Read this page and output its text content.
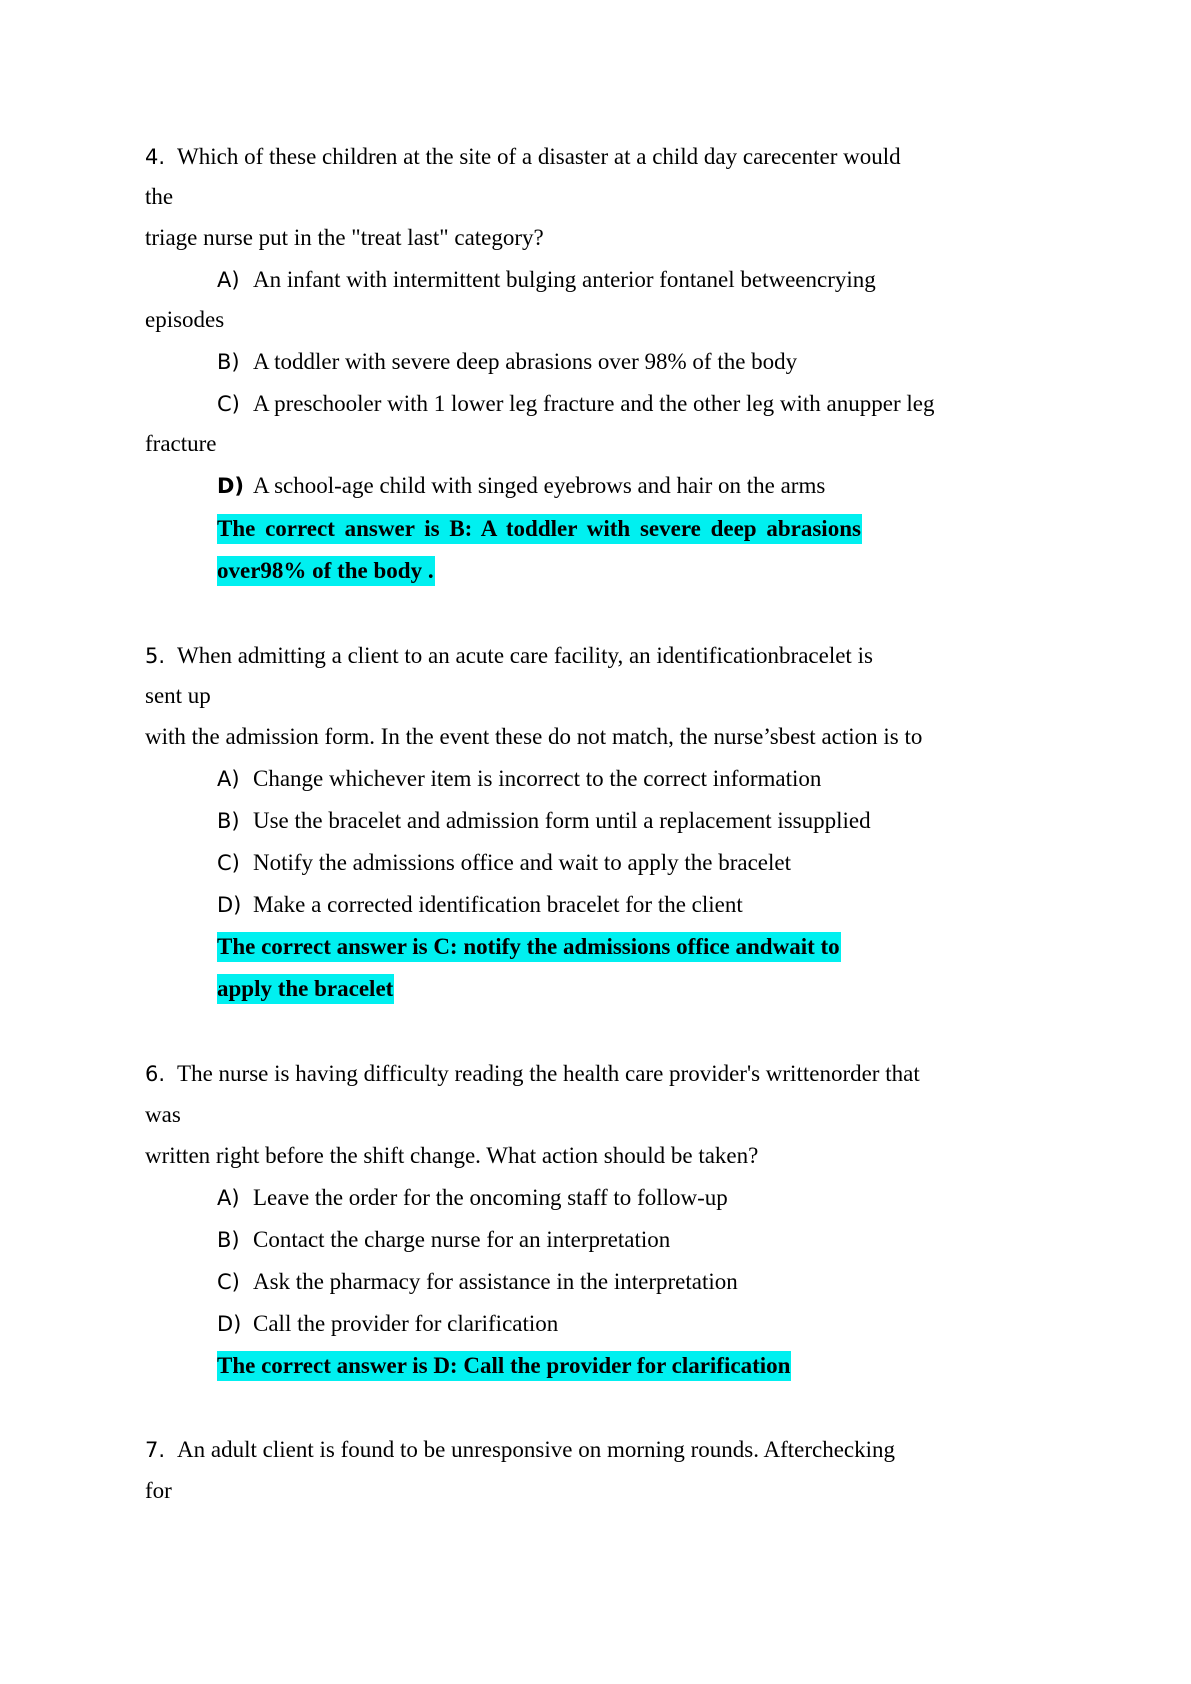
4. Which of these children at the site of a disaster at a child day carecenter would
the
triage nurse put in the "treat last" category?
A) An infant with intermittent bulging anterior fontanel betweencrying
episodes
B) A toddler with severe deep abrasions over 98% of the body
C) A preschooler with 1 lower leg fracture and the other leg with anupper leg
fracture
D) A school-age child with singed eyebrows and hair on the arms
The correct answer is B: A toddler with severe deep abrasions
over98% of the body .
5. When admitting a client to an acute care facility, an identificationbracelet is
sent up
with the admission form. In the event these do not match, the nurse’sbest action is to
A) Change whichever item is incorrect to the correct information
B) Use the bracelet and admission form until a replacement issupplied
C) Notify the admissions office and wait to apply the bracelet
D) Make a corrected identification bracelet for the client
The correct answer is C: notify the admissions office andwait to
apply the bracelet
6. The nurse is having difficulty reading the health care provider's writtenorder that
was
written right before the shift change. What action should be taken?
A) Leave the order for the oncoming staff to follow-up
B) Contact the charge nurse for an interpretation
C) Ask the pharmacy for assistance in the interpretation
D) Call the provider for clarification
The correct answer is D: Call the provider for clarification
7. An adult client is found to be unresponsive on morning rounds. Afterchecking
for
